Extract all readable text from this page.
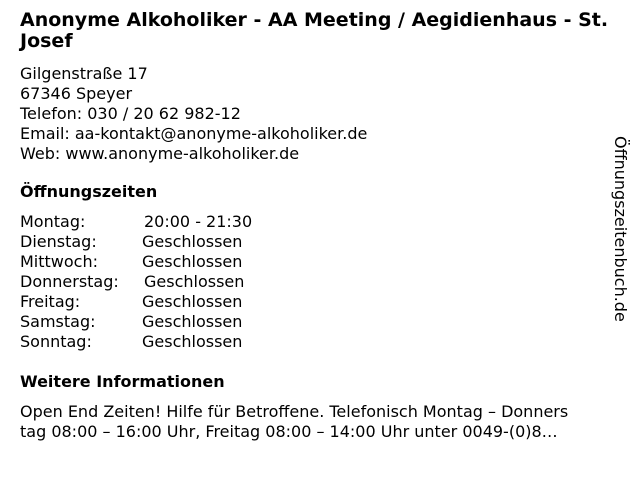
Anonyme Alkoholiker - AA Meeting / Aegidienhaus - St. Josef
Gilgenstraße 17
67346 Speyer
Telefon: 030 / 20 62 982-12
Email: aa-kontakt@anonyme-alkoholiker.de
Web: www.anonyme-alkoholiker.de
Öffnungszeiten
Montag:	20:00 - 21:30
Dienstag:	Geschlossen
Mittwoch:	Geschlossen
Donnerstag:	Geschlossen
Freitag:	Geschlossen
Samstag:	Geschlossen
Sonntag:	Geschlossen
Weitere Informationen
Open End Zeiten! Hilfe für Betroffene. Telefonisch Montag – Donners
tag 08:00 – 16:00 Uhr, Freitag 08:00 – 14:00 Uhr unter 0049-(0)8…
Öffnungszeitenbuch.de
